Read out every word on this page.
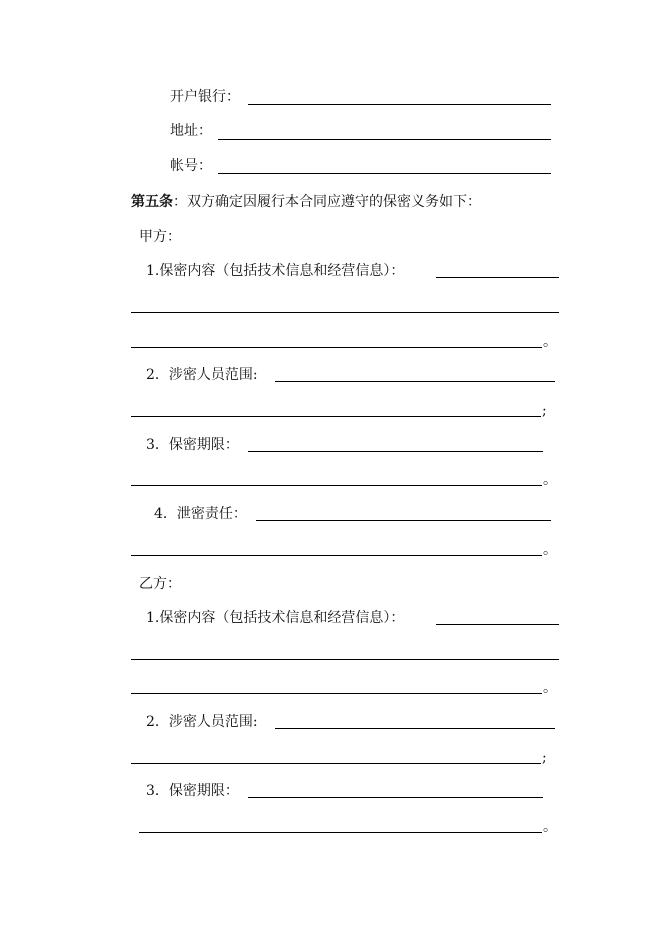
开户银行：
地址：
帐号：
第五条：双方确定因履行本合同应遵守的保密义务如下：
甲方：
1.保密内容（包括技术信息和经营信息）：
。
2．涉密人员范围:
;
3．保密期限：
。
4．泄密责任：
。
乙方：
1.保密内容（包括技术信息和经营信息）：
。
2．涉密人员范围:
;
3．保密期限：
。
